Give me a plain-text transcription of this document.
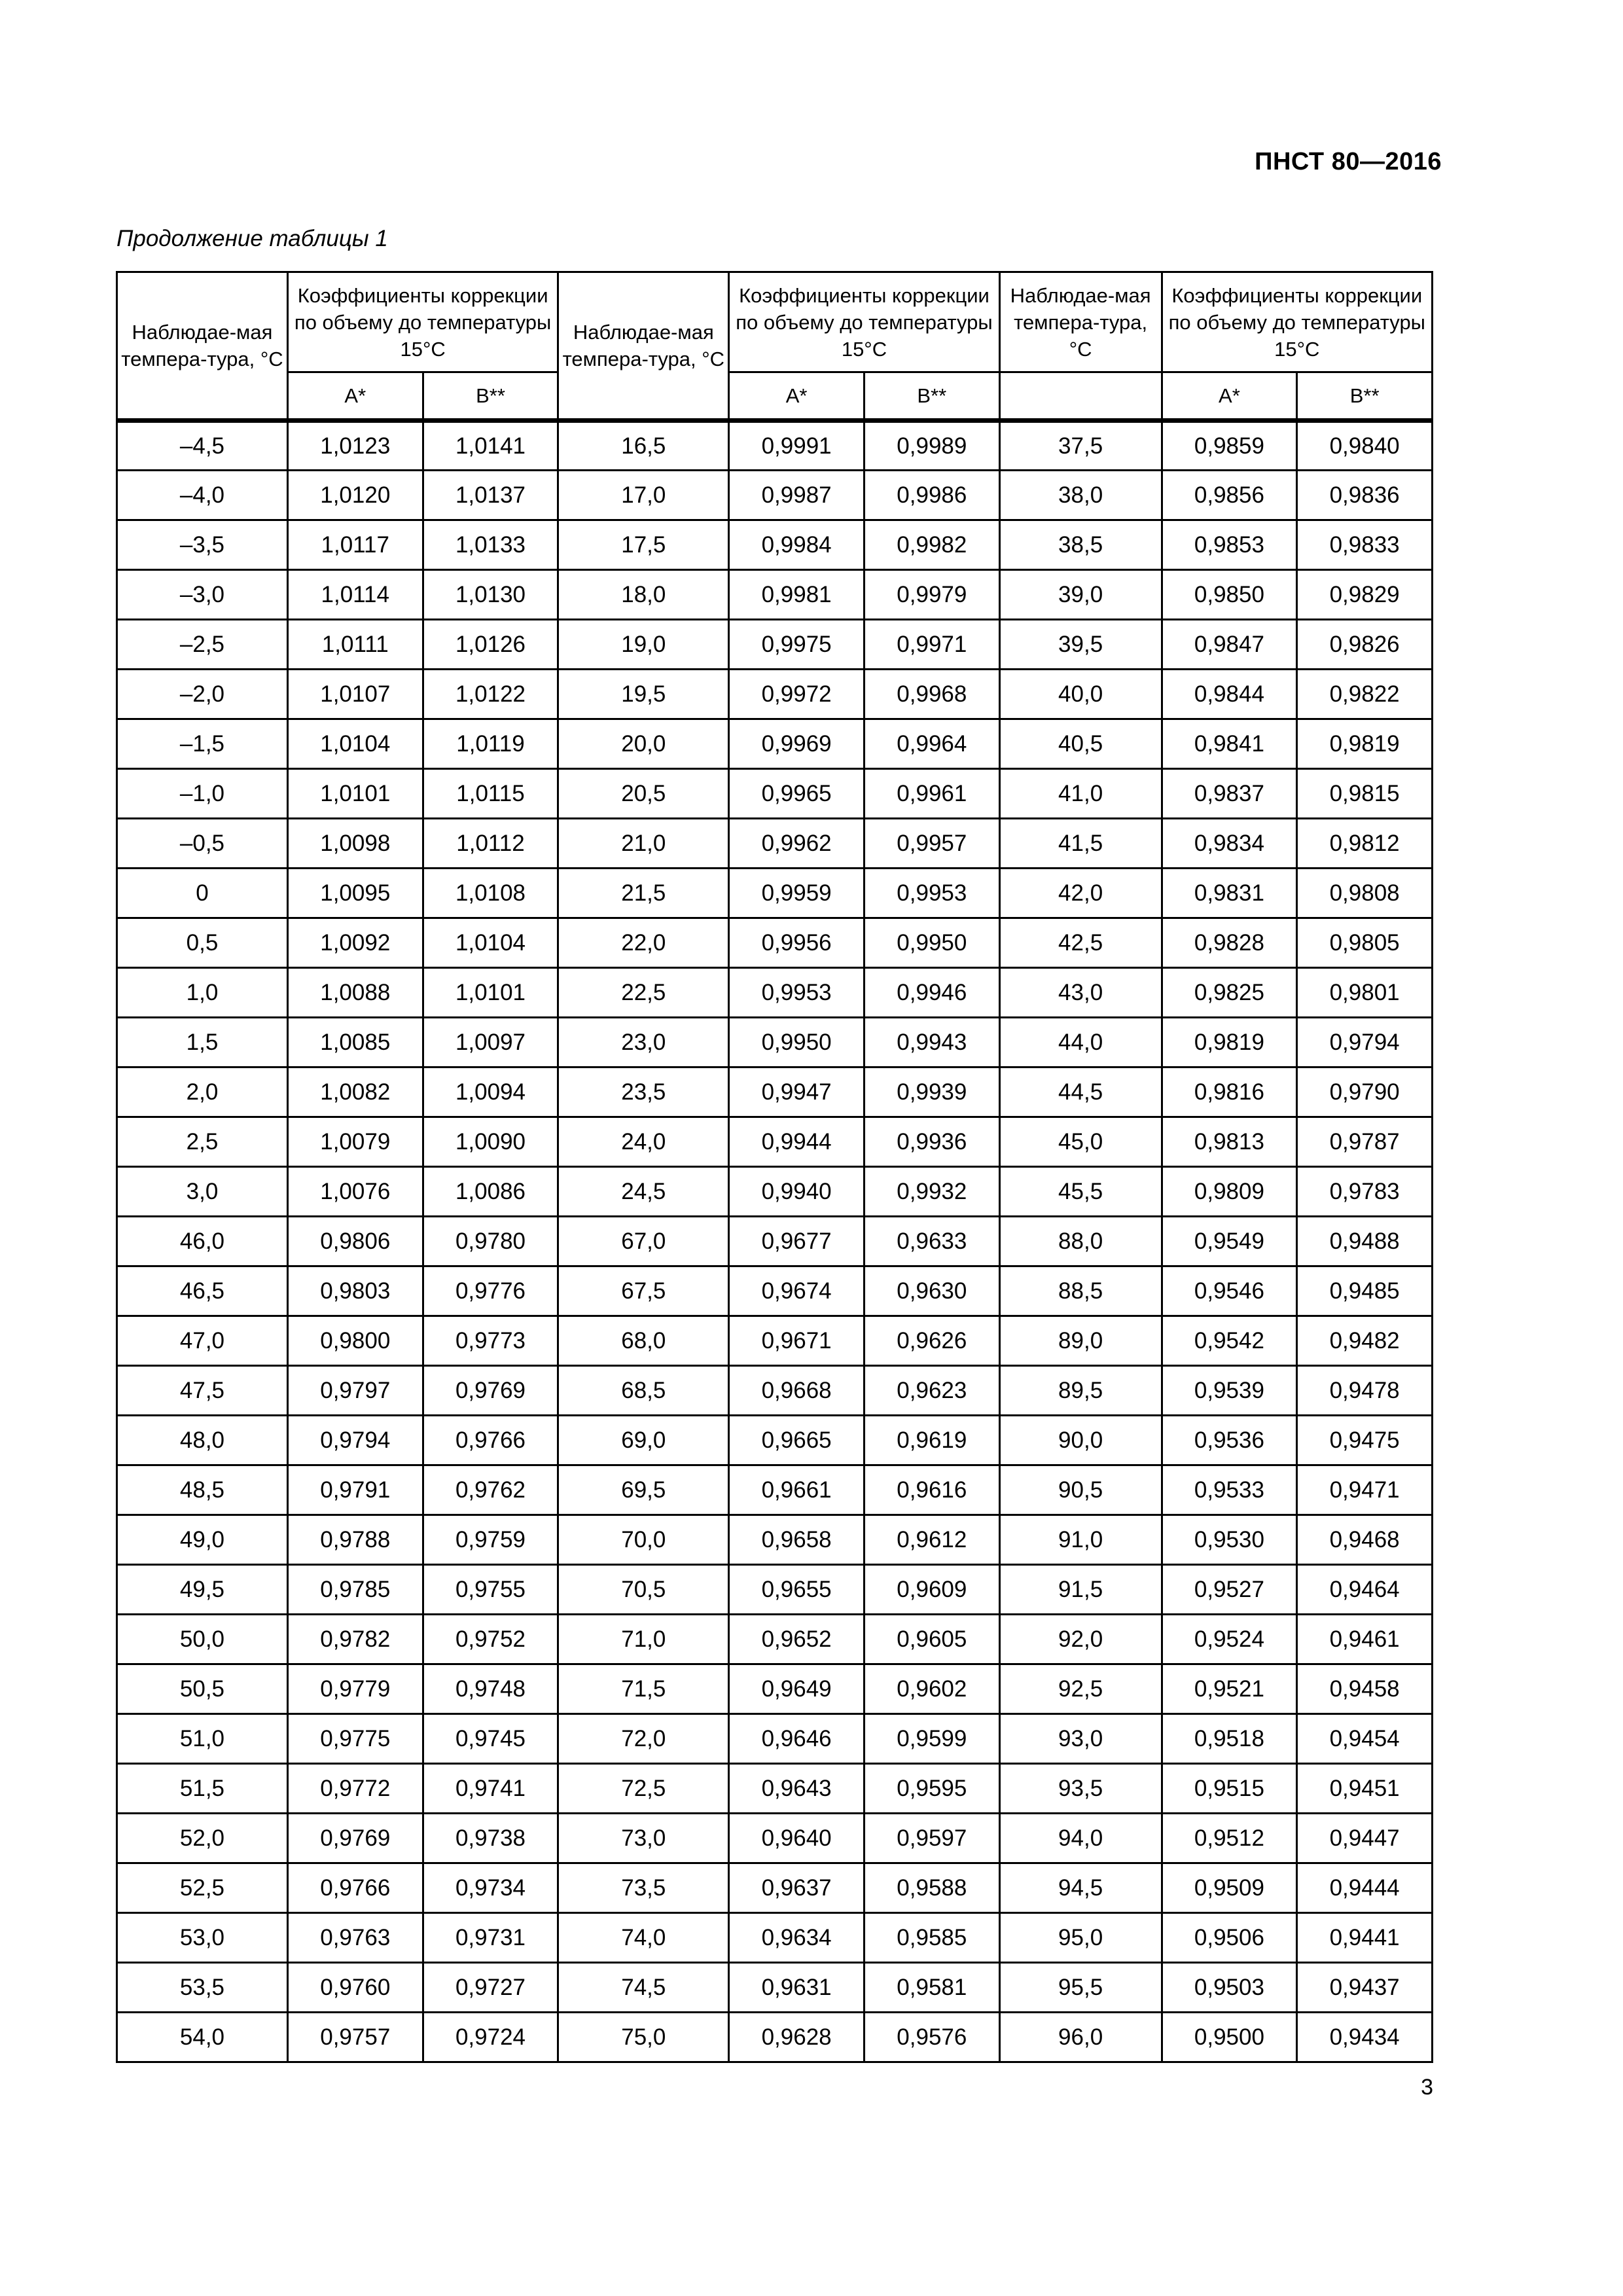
ПНСТ 80—2016
Продолжение таблицы 1
Наблюдае-мая темпера-тура, °C	Коэффициенты коррекции по объему до температуры 15°C		Наблюдае-мая темпера-тура, °C	Коэффициенты коррекции по объему до температуры 15°C		Наблюдае-мая темпера-тура, °C	Коэффициенты коррекции по объему до температуры 15°C	
	A*	B**		A*	B**		A*	B**
–4,5	1,0123	1,0141	16,5	0,9991	0,9989	37,5	0,9859	0,9840
–4,0	1,0120	1,0137	17,0	0,9987	0,9986	38,0	0,9856	0,9836
–3,5	1,0117	1,0133	17,5	0,9984	0,9982	38,5	0,9853	0,9833
–3,0	1,0114	1,0130	18,0	0,9981	0,9979	39,0	0,9850	0,9829
–2,5	1,0111	1,0126	19,0	0,9975	0,9971	39,5	0,9847	0,9826
–2,0	1,0107	1,0122	19,5	0,9972	0,9968	40,0	0,9844	0,9822
–1,5	1,0104	1,0119	20,0	0,9969	0,9964	40,5	0,9841	0,9819
–1,0	1,0101	1,0115	20,5	0,9965	0,9961	41,0	0,9837	0,9815
–0,5	1,0098	1,0112	21,0	0,9962	0,9957	41,5	0,9834	0,9812
0	1,0095	1,0108	21,5	0,9959	0,9953	42,0	0,9831	0,9808
0,5	1,0092	1,0104	22,0	0,9956	0,9950	42,5	0,9828	0,9805
1,0	1,0088	1,0101	22,5	0,9953	0,9946	43,0	0,9825	0,9801
1,5	1,0085	1,0097	23,0	0,9950	0,9943	44,0	0,9819	0,9794
2,0	1,0082	1,0094	23,5	0,9947	0,9939	44,5	0,9816	0,9790
2,5	1,0079	1,0090	24,0	0,9944	0,9936	45,0	0,9813	0,9787
3,0	1,0076	1,0086	24,5	0,9940	0,9932	45,5	0,9809	0,9783
46,0	0,9806	0,9780	67,0	0,9677	0,9633	88,0	0,9549	0,9488
46,5	0,9803	0,9776	67,5	0,9674	0,9630	88,5	0,9546	0,9485
47,0	0,9800	0,9773	68,0	0,9671	0,9626	89,0	0,9542	0,9482
47,5	0,9797	0,9769	68,5	0,9668	0,9623	89,5	0,9539	0,9478
48,0	0,9794	0,9766	69,0	0,9665	0,9619	90,0	0,9536	0,9475
48,5	0,9791	0,9762	69,5	0,9661	0,9616	90,5	0,9533	0,9471
49,0	0,9788	0,9759	70,0	0,9658	0,9612	91,0	0,9530	0,9468
49,5	0,9785	0,9755	70,5	0,9655	0,9609	91,5	0,9527	0,9464
50,0	0,9782	0,9752	71,0	0,9652	0,9605	92,0	0,9524	0,9461
50,5	0,9779	0,9748	71,5	0,9649	0,9602	92,5	0,9521	0,9458
51,0	0,9775	0,9745	72,0	0,9646	0,9599	93,0	0,9518	0,9454
51,5	0,9772	0,9741	72,5	0,9643	0,9595	93,5	0,9515	0,9451
52,0	0,9769	0,9738	73,0	0,9640	0,9597	94,0	0,9512	0,9447
52,5	0,9766	0,9734	73,5	0,9637	0,9588	94,5	0,9509	0,9444
53,0	0,9763	0,9731	74,0	0,9634	0,9585	95,0	0,9506	0,9441
53,5	0,9760	0,9727	74,5	0,9631	0,9581	95,5	0,9503	0,9437
54,0	0,9757	0,9724	75,0	0,9628	0,9576	96,0	0,9500	0,9434
3
